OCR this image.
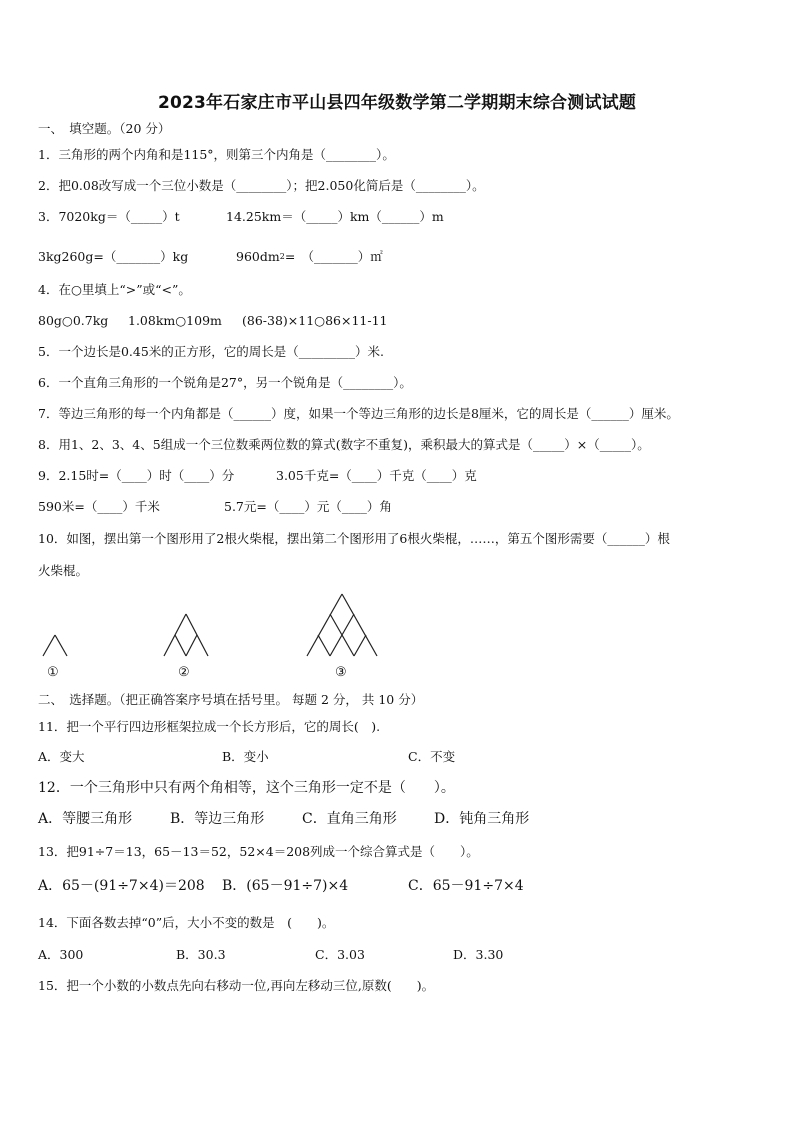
2023年石家庄市平山县四年级数学第二学期期末综合测试试题
一、　填空题。（20 分）
1．三角形的两个内角和是115°，则第三个内角是（________）。
2．把0.08改写成一个三位小数是（________）；把2.050化简后是（________）。
3．7020kg＝（_____）t	14.25km＝（_____）km（______）m
3kg260g=（_______）kg	$960dm^2=$　（_______）㎡
4．在○里填上“>”或“<”。
80g○0.7kg 1.08km○109m (86-38)×11○86×11-11
5．一个边长是0.45米的正方形，它的周长是（_________）米.
6．一个直角三角形的一个锐角是27°，另一个锐角是（________）。
7．等边三角形的每一个内角都是（______）度，如果一个等边三角形的边长是8厘米，它的周长是（______）厘米。
8．用1、2、3、4、5组成一个三位数乘两位数的算式(数字不重复)，乘积最大的算式是（_____）×（_____）。
9．2.15时=（____）时（____）分	3.05千克=（____）千克（____）克
590米=（____）千米	5.7元=（____）元（____）角
10．如图，摆出第一个图形用了2根火柴棍，摆出第二个图形用了6根火柴棍，……，第五个图形需要（______）根
火柴棍。
①	②	③
二、　选择题。（把正确答案序号填在括号里。 每题 2 分， 共 10 分）
11．把一个平行四边形框架拉成一个长方形后，它的周长(　).
A．变大	B．变小	C．不变
12．一个三角形中只有两个角相等，这个三角形一定不是（　　）。
A．等腰三角形	B．等边三角形	C．直角三角形	D．钝角三角形
13．把91÷7＝13，65－13＝52，52×4＝208列成一个综合算式是（　　）。
A．65－(91÷7×4)＝208 B．(65－91÷7)×4	C．65－91÷7×4
14．下面各数去掉“0”后，大小不变的数是　(　　)。
A．300	B．30.3	C．3.03	D．3.30
15．把一个小数的小数点先向右移动一位,再向左移动三位,原数(　　)。
